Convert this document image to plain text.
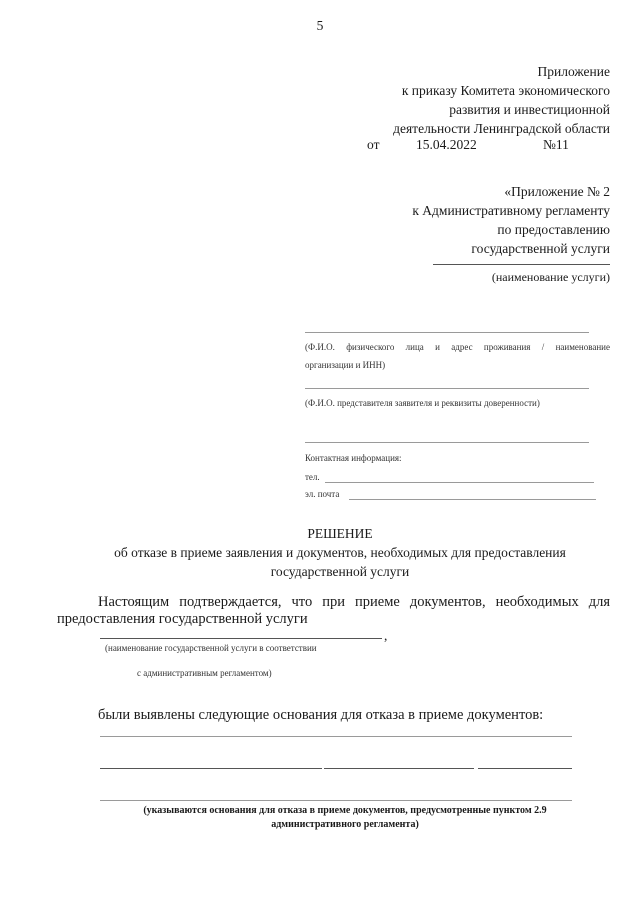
5
Приложение
к приказу Комитета экономического
развития и инвестиционной
деятельности Ленинградской области
от	15.04.2022	№11
«Приложение № 2
к Административному регламенту
по предоставлению
государственной услуги
(наименование услуги)
(Ф.И.О. физического лица и адрес проживания / наименование
организации и ИНН)
(Ф.И.О. представителя заявителя и реквизиты доверенности)
Контактная информация:
тел.
эл. почта
РЕШЕНИЕ
об отказе в приеме заявления и документов, необходимых для предоставления
государственной услуги
Настоящим подтверждается, что при приеме документов, необходимых для
предоставления государственной услуги
,
(наименование государственной услуги в соответствии
с административным регламентом)
были выявлены следующие основания для отказа в приеме документов:
(указываются основания для отказа в приеме документов, предусмотренные пунктом 2.9
административного регламента)
